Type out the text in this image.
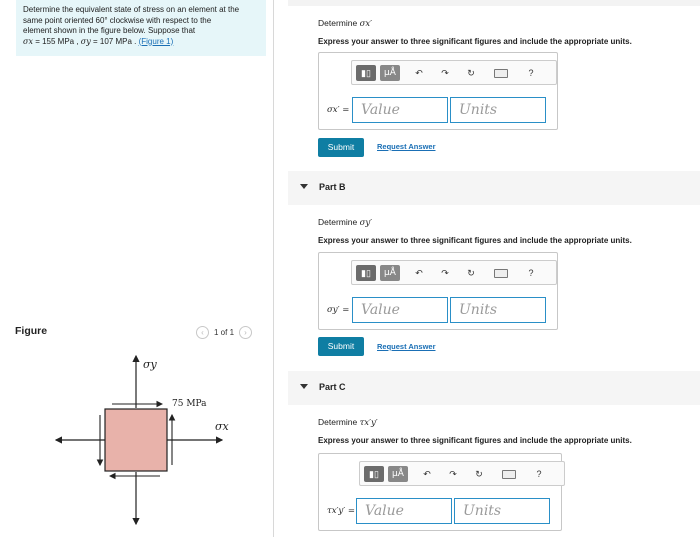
Determine the equivalent state of stress on an element at the
same point oriented 60° clockwise with respect to the
element shown in the figure below. Suppose that
σx = 155 MPa , σy = 107 MPa . (Figure 1)
Figure	‹	1 of 1	›
σy
75 MPa
σx
Determine σx′
Express your answer to three significant figures and include the appropriate units.
▮▯	μÅ	↶	↷	↻	?
σx′ = Value	Units
Submit	Request Answer
Part B
Determine σy′
Express your answer to three significant figures and include the appropriate units.
▮▯	μÅ	↶	↷	↻	?
σy′ = Value	Units
Submit	Request Answer
Part C
Determine τx′y′
Express your answer to three significant figures and include the appropriate units.
▮▯	μÅ	↶	↷	↻	?
τx′y′ = Value	Units
